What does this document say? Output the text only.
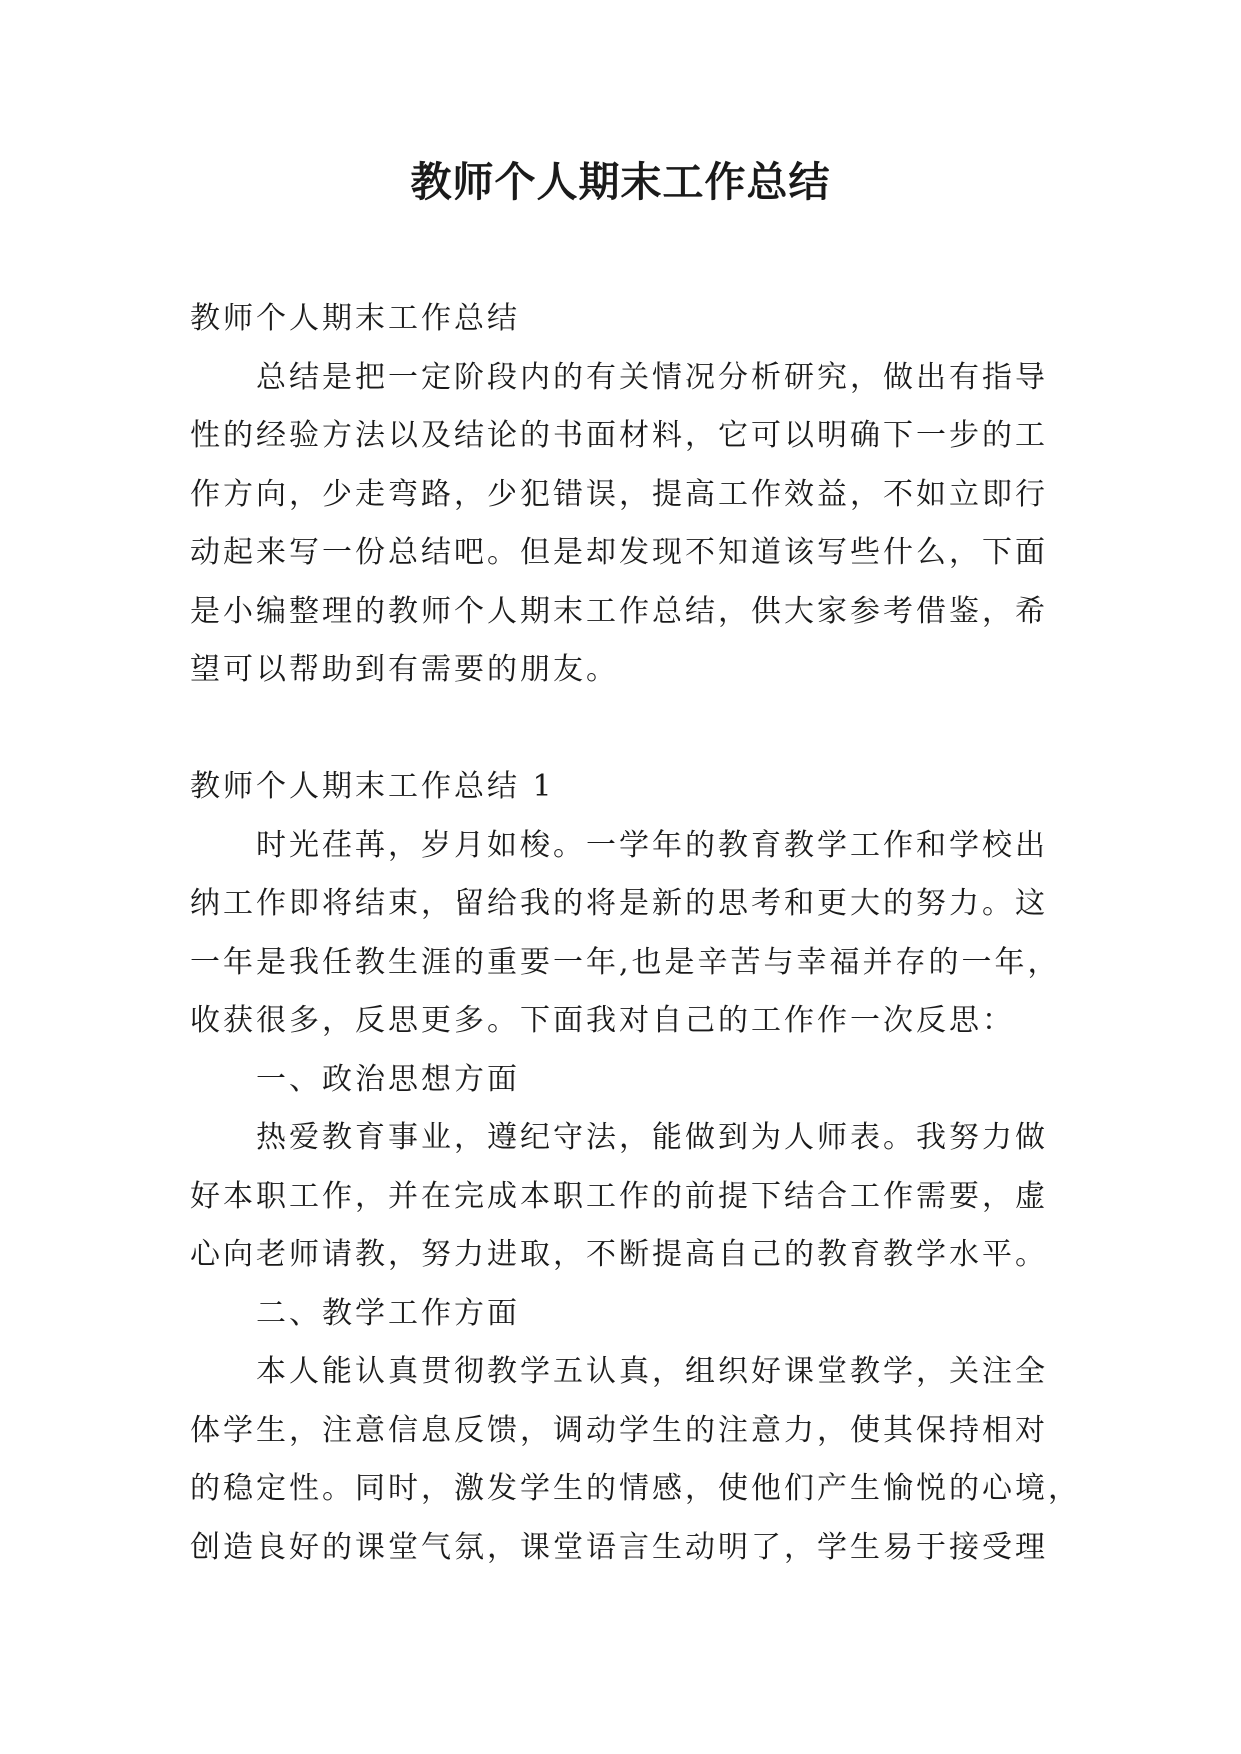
教师个人期末工作总结
教师个人期末工作总结
总结是把一定阶段内的有关情况分析研究，做出有指导
性的经验方法以及结论的书面材料，它可以明确下一步的工
作方向，少走弯路，少犯错误，提高工作效益，不如立即行
动起来写一份总结吧。但是却发现不知道该写些什么，下面
是小编整理的教师个人期末工作总结，供大家参考借鉴，希
望可以帮助到有需要的朋友。
教师个人期末工作总结 1
时光荏苒，岁月如梭。一学年的教育教学工作和学校出
纳工作即将结束，留给我的将是新的思考和更大的努力。这
一年是我任教生涯的重要一年,也是辛苦与幸福并存的一年，
收获很多，反思更多。下面我对自己的工作作一次反思：
一、政治思想方面
热爱教育事业，遵纪守法，能做到为人师表。我努力做
好本职工作，并在完成本职工作的前提下结合工作需要，虚
心向老师请教，努力进取，不断提高自己的教育教学水平。
二、教学工作方面
本人能认真贯彻教学五认真，组织好课堂教学，关注全
体学生，注意信息反馈，调动学生的注意力，使其保持相对
的稳定性。同时，激发学生的情感，使他们产生愉悦的心境，
创造良好的课堂气氛，课堂语言生动明了，学生易于接受理
